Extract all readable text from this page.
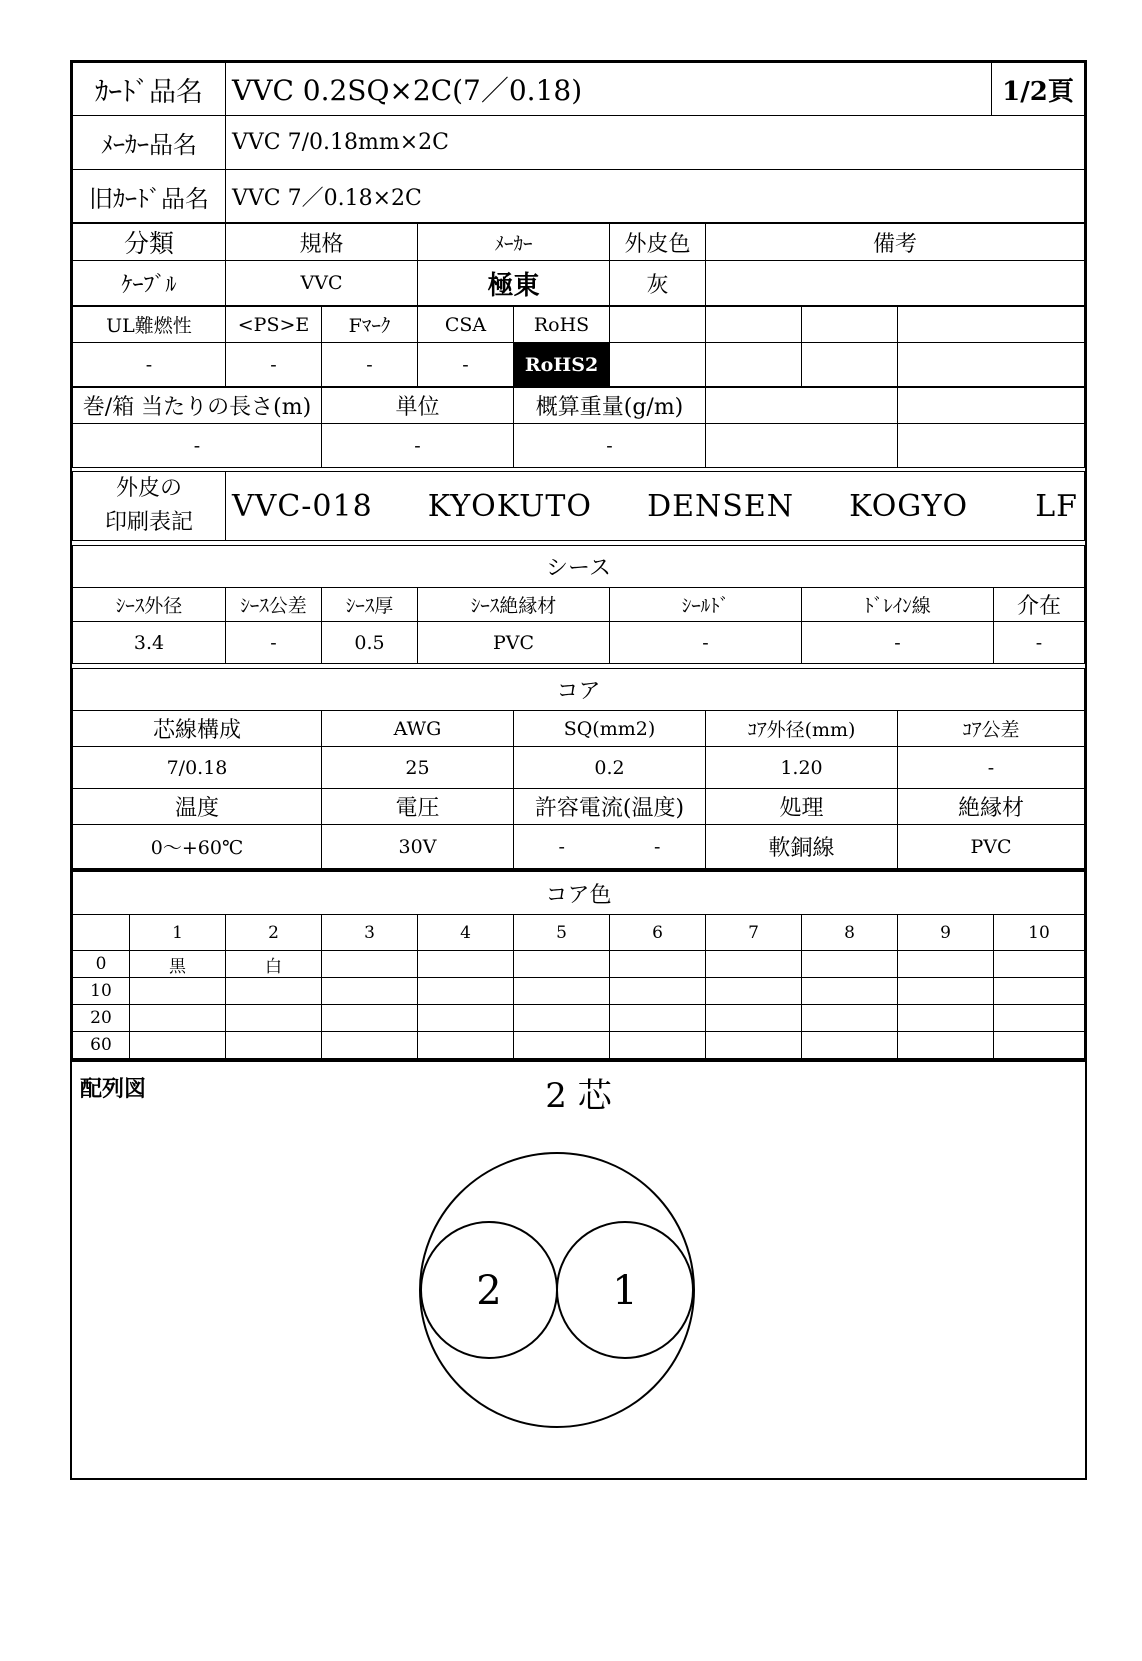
ｶｰﾄﾞ品名	VVC 0.2SQ×2C(7／0.18)	1/2頁
ﾒｰｶｰ品名	VVC 7/0.18mm×2C	
旧ｶｰﾄﾞ品名	VVC 7／0.18×2C	
分類	規格	ﾒｰｶｰ	外皮色	備考
ｹｰﾌﾞﾙ	VVC	極東	灰	
UL難燃性	<PS>E	Fﾏｰｸ	CSA	RoHS				
-	-	-	-	RoHS2				
巻/箱 当たりの長さ(m)	単位	概算重量(g/m)		
-	-	-		
外皮の
印刷表記	VVC-018 KYOKUTO DENSEN KOGYO LF
シース						
ｼｰｽ外径	ｼｰｽ公差	ｼｰｽ厚	ｼｰｽ絶縁材	ｼｰﾙﾄﾞ	ﾄﾞﾚｲﾝ線	介在
3.4	-	0.5	PVC	-	-	-
コア					
芯線構成	AWG	SQ(mm2)		ｺｱ外径(mm)	ｺｱ公差
7/0.18	25	0.2		1.20	-
温度	電圧	許容電流(温度)		処理	絶縁材
0～+60℃	30V	-	-	軟銅線	PVC
コア色										
	1	2	3	4	5	6	7	8	9	10
0	黒	白								
10										
20										
60										
配列図	2 芯
2	1
